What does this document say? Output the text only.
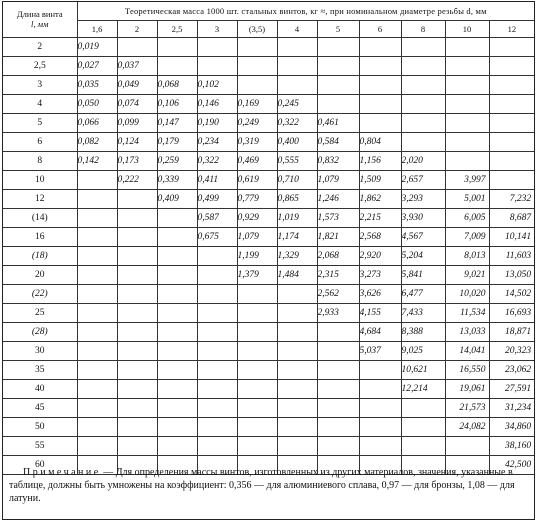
Длина винта
l, мм	Теоретическая масса 1000 шт. стальных винтов, кг ≈, при номинальном диаметре резьбы d, мм										
	1,6	2	2,5	3	(3,5)	4	5	6	8	10	12
2	0,019										
2,5	0,027	0,037									
3	0,035	0,049	0,068	0,102							
4	0,050	0,074	0,106	0,146	0,169	0,245					
5	0,066	0,099	0,147	0,190	0,249	0,322	0,461				
6	0,082	0,124	0,179	0,234	0,319	0,400	0,584	0,804			
8	0,142	0,173	0,259	0,322	0,469	0,555	0,832	1,156	2,020		
10		0,222	0,339	0,411	0,619	0,710	1,079	1,509	2,657	3,997	
12			0,409	0,499	0,779	0,865	1,246	1,862	3,293	5,001	7,232
(14)				0,587	0,929	1,019	1,573	2,215	3,930	6,005	8,687
16				0,675	1,079	1,174	1,821	2,568	4,567	7,009	10,141
(18)					1,199	1,329	2,068	2,920	5,204	8,013	11,603
20					1,379	1,484	2,315	3,273	5,841	9,021	13,050
(22)							2,562	3,626	6,477	10,020	14,502
25							2,933	4,155	7,433	11,534	16,693
(28)								4,684	8,388	13,033	18,871
30								5,037	9,025	14,041	20,323
35									10,621	16,550	23,062
40									12,214	19,061	27,591
45										21,573	31,234
50										24,082	34,860
55											38,160
60											42,500
Примечание — Для определения массы винтов, изготовленных из других материалов, значения, указанные в таблице, должны быть умножены на коэффициент: 0,356 — для алюминиевого сплава, 0,97 — для бронзы, 1,08 — для латуни.
